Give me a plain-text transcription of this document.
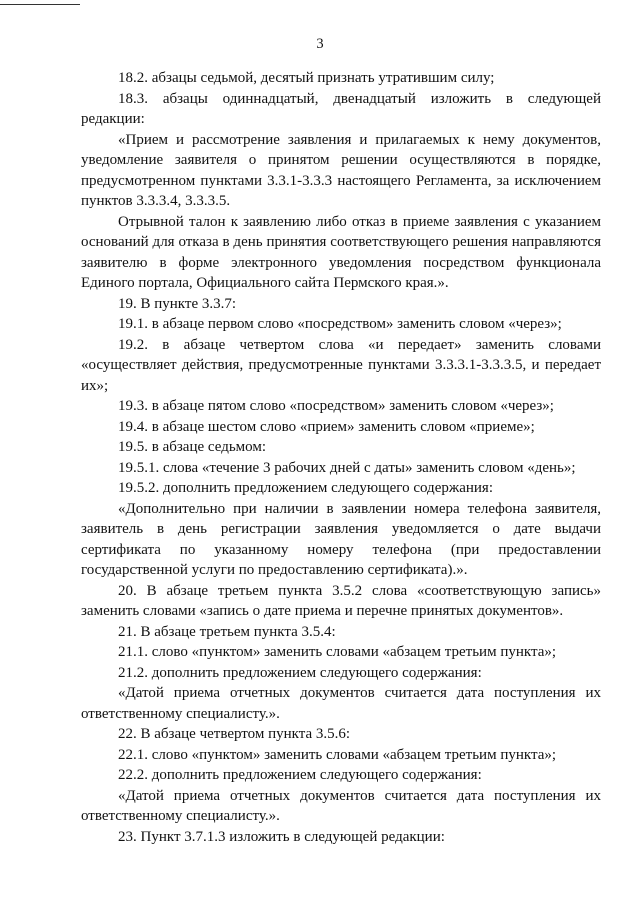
3

18.2. абзацы седьмой, десятый признать утратившим силу;

18.3. абзацы одиннадцатый, двенадцатый изложить в следующей редакции:

«Прием и рассмотрение заявления и прилагаемых к нему документов, уведомление заявителя о принятом решении осуществляются в порядке, предусмотренном пунктами 3.3.1-3.3.3 настоящего Регламента, за исключением пунктов 3.3.3.4, 3.3.3.5.

Отрывной талон к заявлению либо отказ в приеме заявления с указанием оснований для отказа в день принятия соответствующего решения направляются заявителю в форме электронного уведомления посредством функционала Единого портала, Официального сайта Пермского края.».

19. В пункте 3.3.7:

19.1. в абзаце первом слово «посредством» заменить словом «через»;

19.2. в абзаце четвертом слова «и передает» заменить словами «осуществляет действия, предусмотренные пунктами 3.3.3.1-3.3.3.5, и передает их»;

19.3. в абзаце пятом слово «посредством» заменить словом «через»;

19.4. в абзаце шестом слово «прием» заменить словом «приеме»;

19.5. в абзаце седьмом:

19.5.1. слова «течение 3 рабочих дней с даты» заменить словом «день»;

19.5.2. дополнить предложением следующего содержания:

«Дополнительно при наличии в заявлении номера телефона заявителя, заявитель в день регистрации заявления уведомляется о дате выдачи сертификата по указанному номеру телефона (при предоставлении государственной услуги по предоставлению сертификата).».

20. В абзаце третьем пункта 3.5.2 слова «соответствующую запись» заменить словами «запись о дате приема и перечне принятых документов».

21. В абзаце третьем пункта 3.5.4:

21.1. слово «пунктом» заменить словами «абзацем третьим пункта»;

21.2. дополнить предложением следующего содержания:

«Датой приема отчетных документов считается дата поступления их ответственному специалисту.».

22. В абзаце четвертом пункта 3.5.6:

22.1. слово «пунктом» заменить словами «абзацем третьим пункта»;

22.2. дополнить предложением следующего содержания:

«Датой приема отчетных документов считается дата поступления их ответственному специалисту.».

23. Пункт 3.7.1.3 изложить в следующей редакции:
